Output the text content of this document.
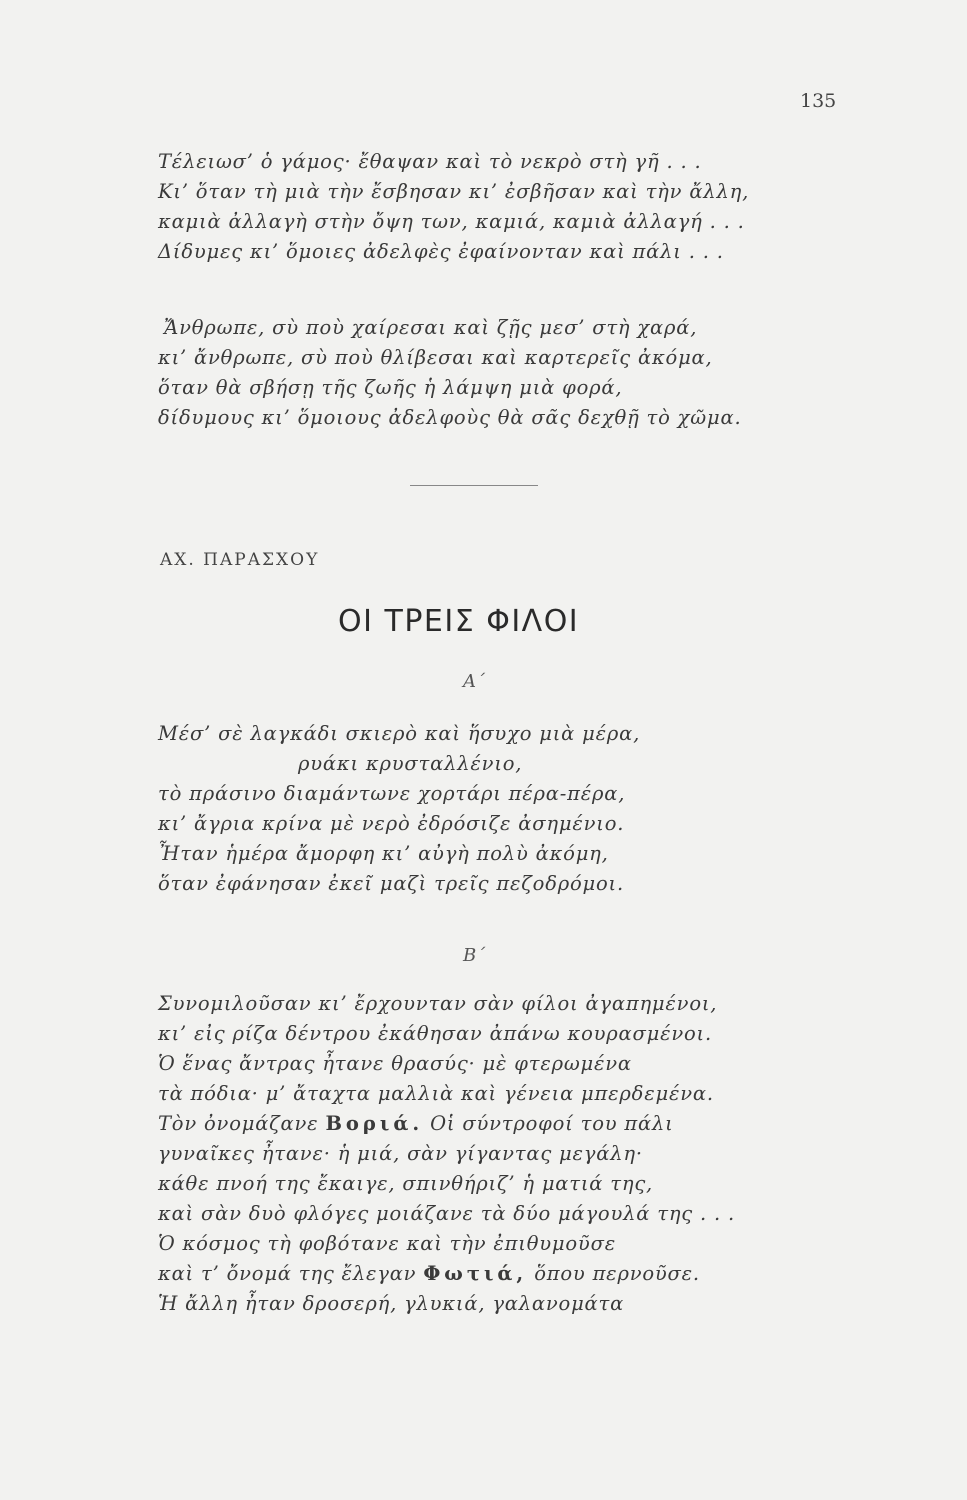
135
Τέλειωσ’ ὁ γάμος· ἔθαψαν καὶ τὸ νεκρὸ στὴ γῆ . . .
Κι’ ὅταν τὴ μιὰ τὴν ἔσβησαν κι’ ἐσβῆσαν καὶ τὴν ἄλλη,
καμιὰ ἀλλαγὴ στὴν ὄψη των, καμιά, καμιὰ ἀλλαγή . . .
Δίδυμες κι’ ὅμοιες ἀδελφὲς ἐφαίνονταν καὶ πάλι . . .
Ἄνθρωπε, σὺ ποὺ χαίρεσαι καὶ ζῇς μεσ’ στὴ χαρά,
κι’ ἄνθρωπε, σὺ ποὺ θλίβεσαι καὶ καρτερεῖς ἀκόμα,
ὅταν θὰ σβήσῃ τῆς ζωῆς ἡ λάμψη μιὰ φορά,
δίδυμους κι’ ὅμοιους ἀδελφοὺς θὰ σᾶς δεχθῇ τὸ χῶμα.
ΑΧ. ΠΑΡΑΣΧΟΥ
ΟΙ ΤΡΕΙΣ ΦΙΛΟΙ
Α΄
Μέσ’ σὲ λαγκάδι σκιερὸ καὶ ἥσυχο μιὰ μέρα,
ρυάκι κρυσταλλένιο,
τὸ πράσινο διαμάντωνε χορτάρι πέρα-πέρα,
κι’ ἄγρια κρίνα μὲ νερὸ ἐδρόσιζε ἀσημένιο.
Ἦταν ἡμέρα ἄμορφη κι’ αὐγὴ πολὺ ἀκόμη,
ὅταν ἐφάνησαν ἐκεῖ μαζὶ τρεῖς πεζοδρόμοι.
Β΄
Συνομιλοῦσαν κι’ ἔρχουνταν σὰν φίλοι ἀγαπημένοι,
κι’ εἰς ρίζα δέντρου ἐκάθησαν ἀπάνω κουρασμένοι.
Ὁ ἕνας ἄντρας ἦτανε θρασύς· μὲ φτερωμένα
τὰ πόδια· μ’ ἄταχτα μαλλιὰ καὶ γένεια μπερδεμένα.
Τὸν ὀνομάζανε Βοριά. Οἱ σύντροφοί του πάλι
γυναῖκες ἦτανε· ἡ μιά, σὰν γίγαντας μεγάλη·
κάθε πνοή της ἔκαιγε, σπινθήριζ’ ἡ ματιά της,
καὶ σὰν δυὸ φλόγες μοιάζανε τὰ δύο μάγουλά της . . .
Ὁ κόσμος τὴ φοβότανε καὶ τὴν ἐπιθυμοῦσε
καὶ τ’ ὄνομά της ἔλεγαν Φωτιά, ὅπου περνοῦσε.
Ἡ ἄλλη ἦταν δροσερή, γλυκιά, γαλανομάτα
